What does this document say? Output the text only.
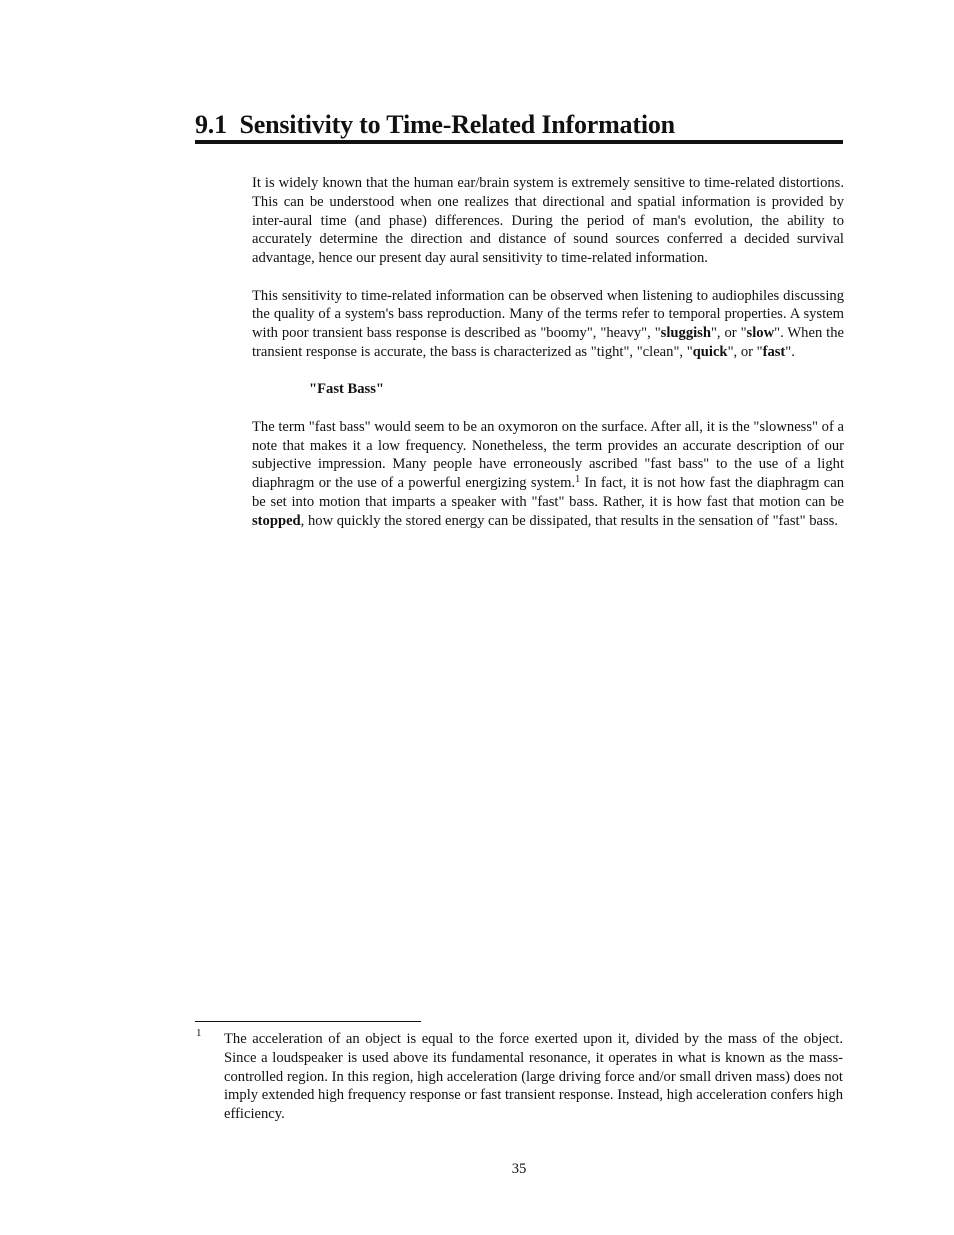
9.1 Sensitivity to Time-Related Information

It is widely known that the human ear/brain system is extremely sensitive to time-related distortions. This can be understood when one realizes that directional and spatial information is provided by inter-aural time (and phase) differences. During the period of man's evolution, the ability to accurately determine the direction and distance of sound sources conferred a decided survival advantage, hence our present day aural sensitivity to time-related information.

This sensitivity to time-related information can be observed when listening to audiophiles discussing the quality of a system's bass reproduction. Many of the terms refer to temporal properties. A system with poor transient bass response is described as "boomy", "heavy", "sluggish", or "slow". When the transient response is accurate, the bass is characterized as "tight", "clean", "quick", or "fast".

"Fast Bass"

The term "fast bass" would seem to be an oxymoron on the surface. After all, it is the "slowness" of a note that makes it a low frequency. Nonetheless, the term provides an accurate description of our subjective impression. Many people have erroneously ascribed "fast bass" to the use of a light diaphragm or the use of a powerful energizing system.$^1$ In fact, it is not how fast the diaphragm can be set into motion that imparts a speaker with "fast" bass. Rather, it is how fast that motion can be stopped, how quickly the stored energy can be dissipated, that results in the sensation of "fast" bass.

1 The acceleration of an object is equal to the force exerted upon it, divided by the mass of the object. Since a loudspeaker is used above its fundamental resonance, it operates in what is known as the mass-controlled region. In this region, high acceleration (large driving force and/or small driven mass) does not imply extended high frequency response or fast transient response. Instead, high acceleration confers high efficiency.

35
